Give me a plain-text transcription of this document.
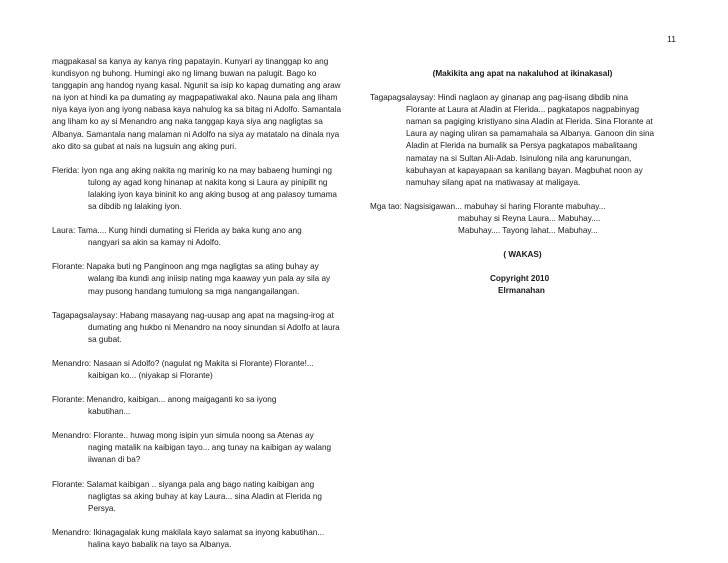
11
magpakasal sa kanya ay kanya ring papatayin. Kunyari ay tinanggap ko ang
kundisyon ng buhong. Humingi ako ng limang buwan na palugit. Bago ko
tanggapin ang handog nyang kasal. Ngunit sa isip ko kapag dumating ang araw
na iyon at hindi ka pa dumating ay magpapatiwakal ako. Nauna pala ang liham
niya kaya iyon ang iyong nabasa kaya nahulog ka sa bitag ni Adolfo. Samantala
ang liham ko ay si Menandro ang naka tanggap kaya siya ang nagligtas sa
Albanya. Samantala nang malaman ni Adolfo na siya ay matatalo na dinala nya
ako dito sa gubat at nais na lugsuin ang aking puri.
Flerida: Iyon nga ang aking nakita ng marinig ko na may babaeng humingi ng
tulong ay agad kong hinanap at nakita kong si Laura ay pinipilit ng
lalaking iyon kaya bininit ko ang aking busog at ang palasoy tumama
sa dibdib ng lalaking iyon.
Laura: Tama.... Kung hindi dumating si Flerida ay baka kung ano ang
nangyari sa akin sa kamay ni Adolfo.
Florante: Napaka buti ng Panginoon ang mga nagligtas sa ating buhay ay
walang iba kundi ang iniisip nating mga kaaway yun pala ay sila ay
may pusong handang tumulong sa mga nangangailangan.
Tagapagsalaysay: Habang masayang nag-uusap ang apat na magsing-irog at
dumating ang hukbo ni Menandro na nooy sinundan si Adolfo at laura
sa gubat.
Menandro: Nasaan si Adolfo? (nagulat ng Makita si Florante) Florante!...
kaibigan ko... (niyakap si Florante)
Florante: Menandro, kaibigan... anong maigaganti ko sa iyong
kabutihan...
Menandro: Florante.. huwag mong isipin yun simula noong sa Atenas ay
naging matalik na kaibigan tayo... ang tunay na kaibigan ay walang
iiwanan di ba?
Florante: Salamat kaibigan .. siyanga pala ang bago nating kaibigan ang
nagligtas sa aking buhay at kay Laura... sina Aladin at Flerida ng
Persya.
Menandro: Ikinagagalak kung makilala kayo salamat sa inyong kabutihan...
halina kayo babalik na tayo sa Albanya.
(Makikita ang apat na nakaluhod at ikinakasal)
Tagapagsalaysay: Hindi naglaon ay ginanap ang pag-iisang dibdib nina
Florante at Laura at Aladin at Flerida... pagkatapos nagpabinyag
naman sa pagiging kristiyano sina Aladin at Flerida. Sina Florante at
Laura ay naging uliran sa pamamahala sa Albanya. Ganoon din sina
Aladin at Flerida na bumalik sa Persya pagkatapos mabalitaang
namatay na si Sultan Ali-Adab. Isinulong nila ang karunungan,
kabuhayan at kapayapaan sa kanilang bayan. Magbuhat noon ay
namuhay silang apat na matiwasay at maligaya.
Mga tao: Nagsisigawan... mabuhay si haring Florante mabuhay...
mabuhay si Reyna Laura... Mabuhay....
Mabuhay.... Tayong lahat... Mabuhay...
( WAKAS)
Copyright 2010
Elrmanahan
